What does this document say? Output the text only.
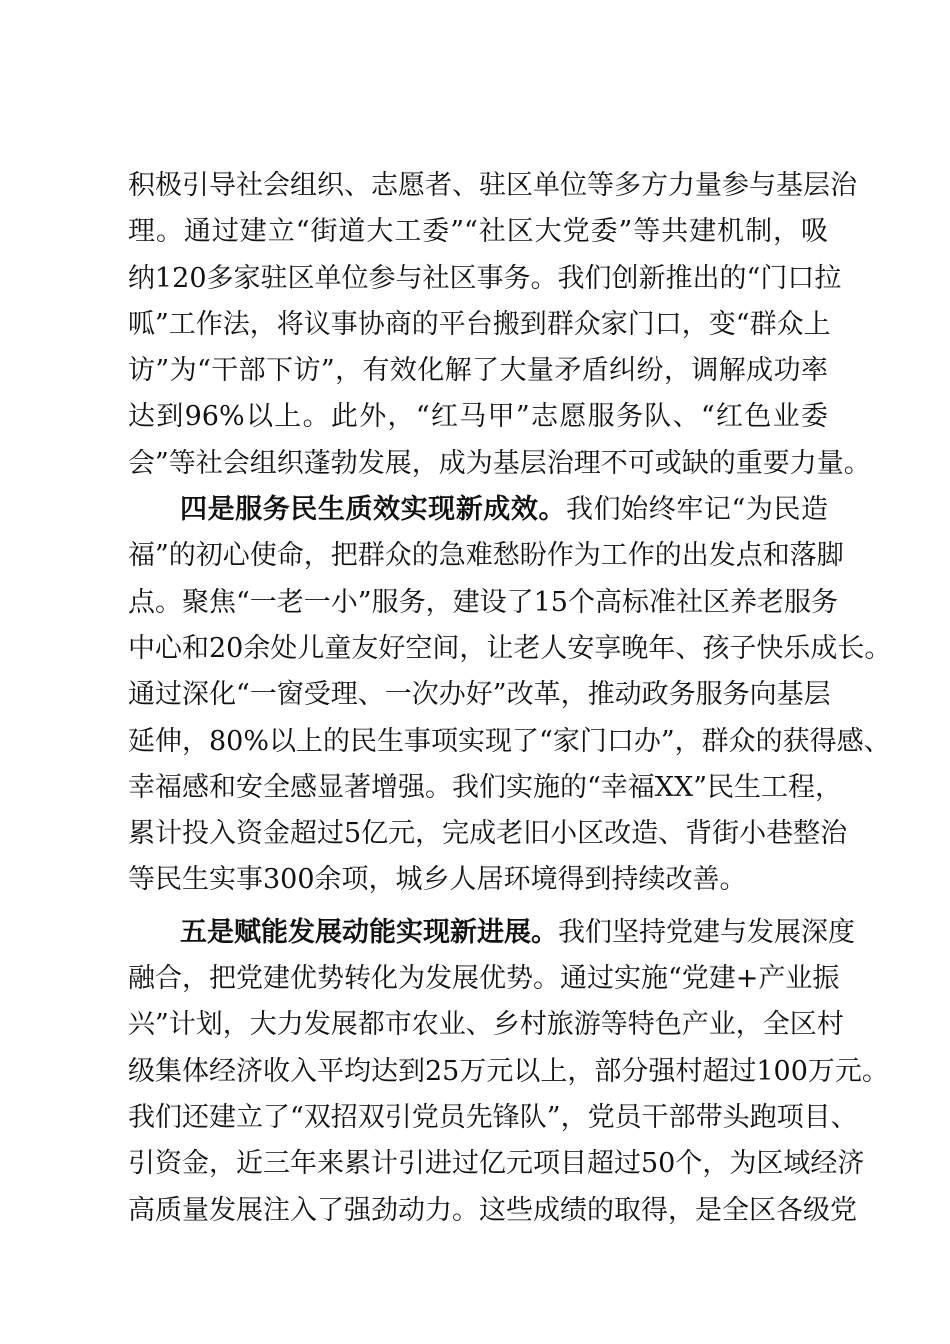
积极引导社会组织、志愿者、驻区单位等多方力量参与基层治
理。通过建立“街道大工委”“社区大党委”等共建机制，吸
纳120多家驻区单位参与社区事务。我们创新推出的“门口拉
呱”工作法，将议事协商的平台搬到群众家门口，变“群众上
访”为“干部下访”，有效化解了大量矛盾纠纷，调解成功率
达到96%以上。此外，“红马甲”志愿服务队、“红色业委
会”等社会组织蓬勃发展，成为基层治理不可或缺的重要力量。
四是服务民生质效实现新成效。我们始终牢记“为民造
福”的初心使命，把群众的急难愁盼作为工作的出发点和落脚
点。聚焦“一老一小”服务，建设了15个高标准社区养老服务
中心和20余处儿童友好空间，让老人安享晚年、孩子快乐成长。
通过深化“一窗受理、一次办好”改革，推动政务服务向基层
延伸，80%以上的民生事项实现了“家门口办”，群众的获得感、
幸福感和安全感显著增强。我们实施的“幸福XX”民生工程，
累计投入资金超过5亿元，完成老旧小区改造、背街小巷整治
等民生实事300余项，城乡人居环境得到持续改善。
五是赋能发展动能实现新进展。我们坚持党建与发展深度
融合，把党建优势转化为发展优势。通过实施“党建+产业振
兴”计划，大力发展都市农业、乡村旅游等特色产业，全区村
级集体经济收入平均达到25万元以上，部分强村超过100万元。
我们还建立了“双招双引党员先锋队”，党员干部带头跑项目、
引资金，近三年来累计引进过亿元项目超过50个，为区域经济
高质量发展注入了强劲动力。这些成绩的取得，是全区各级党
